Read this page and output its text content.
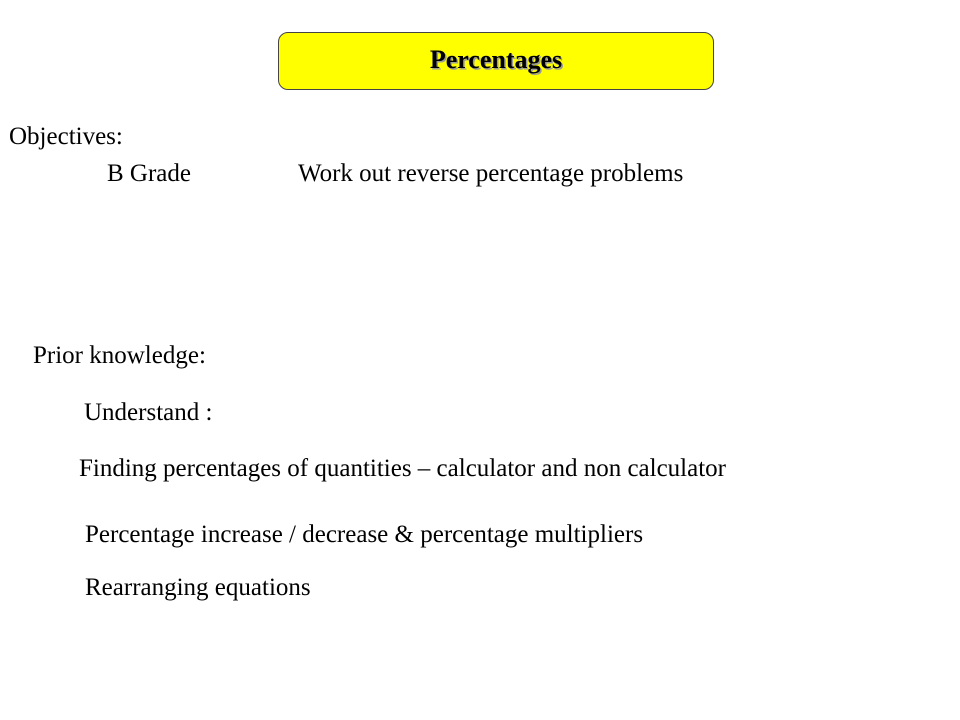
Percentages
Objectives:
B Grade	Work out reverse percentage problems
Prior knowledge:
Understand :
Finding percentages of quantities – calculator and non calculator
Percentage increase / decrease & percentage multipliers
Rearranging equations
